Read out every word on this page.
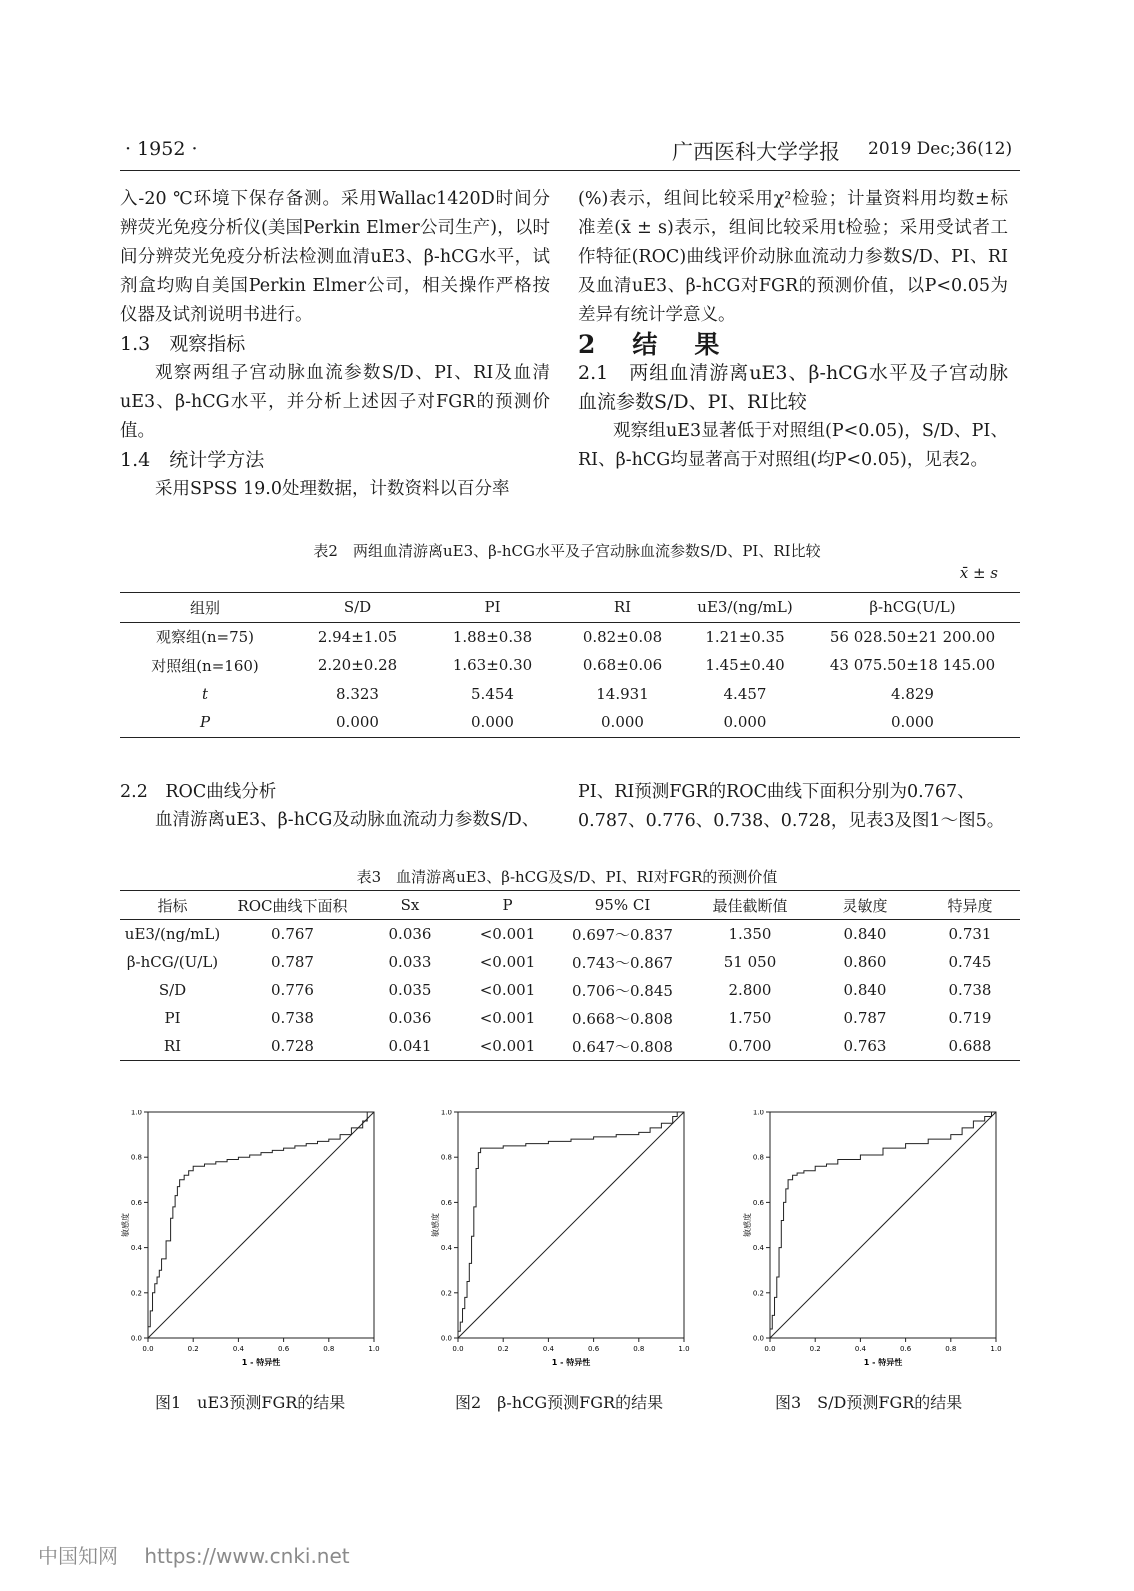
· 1952 ·	广西医科大学学报 2019 Dec;36(12)

入-20 ℃环境下保存备测。采用Wallac1420D时间分辨荧光免疫分析仪(美国Perkin Elmer公司生产)，以时间分辨荧光免疫分析法检测血清uE3、β-hCG水平，试剂盒均购自美国Perkin Elmer公司，相关操作严格按仪器及试剂说明书进行。

1.3　观察指标

观察两组子宫动脉血流参数S/D、PI、RI及血清uE3、β-hCG水平，并分析上述因子对FGR的预测价值。

1.4　统计学方法

采用SPSS 19.0处理数据，计数资料以百分率

(%)表示，组间比较采用χ²检验；计量资料用均数±标准差(x̄ ± s)表示，组间比较采用t检验；采用受试者工作特征(ROC)曲线评价动脉血流动力参数S/D、PI、RI及血清uE3、β-hCG对FGR的预测价值，以P<0.05为差异有统计学意义。

2　结　果

2.1　两组血清游离uE3、β-hCG水平及子宫动脉血流参数S/D、PI、RI比较

观察组uE3显著低于对照组(P<0.05)，S/D、PI、RI、β-hCG均显著高于对照组(均P<0.05)，见表2。

表2　两组血清游离uE3、β-hCG水平及子宫动脉血流参数S/D、PI、RI比较
x̄ ± s
组别	S/D	PI	RI	uE3/(ng/mL)	β-hCG(U/L)
观察组(n=75)	2.94±1.05	1.88±0.38	0.82±0.08	1.21±0.35	56 028.50±21 200.00
对照组(n=160)	2.20±0.28	1.63±0.30	0.68±0.06	1.45±0.40	43 075.50±18 145.00
t	8.323	5.454	14.931	4.457	4.829
P	0.000	0.000	0.000	0.000	0.000
2.2　ROC曲线分析
血清游离uE3、β-hCG及动脉血流动力参数S/D、
PI、RI预测FGR的ROC曲线下面积分别为0.767、0.787、0.776、0.738、0.728，见表3及图1～图5。
表3　血清游离uE3、β-hCG及S/D、PI、RI对FGR的预测价值
指标	ROC曲线下面积	Sx	P	95% CI	最佳截断值	灵敏度	特异度
uE3/(ng/mL)	0.767	0.036	<0.001	0.697～0.837	1.350	0.840	0.731
β-hCG/(U/L)	0.787	0.033	<0.001	0.743～0.867	51 050	0.860	0.745
S/D	0.776	0.035	<0.001	0.706～0.845	2.800	0.840	0.738
PI	0.738	0.036	<0.001	0.668～0.808	1.750	0.787	0.719
RI	0.728	0.041	<0.001	0.647～0.808	0.700	0.763	0.688
0.0
0.0
0.2
0.2
0.4
0.4
0.6
0.6
0.8
0.8
1.0
1.0
1 - 特异性
敏感度
0.0
0.0
0.2
0.2
0.4
0.4
0.6
0.6
0.8
0.8
1.0
1.0
1 - 特异性
敏感度
0.0
0.0
0.2
0.2
0.4
0.4
0.6
0.6
0.8
0.8
1.0
1.0
1 - 特异性
敏感度
图1　uE3预测FGR的结果	图2　β-hCG预测FGR的结果	图3　S/D预测FGR的结果
中国知网 https://www.cnki.net
